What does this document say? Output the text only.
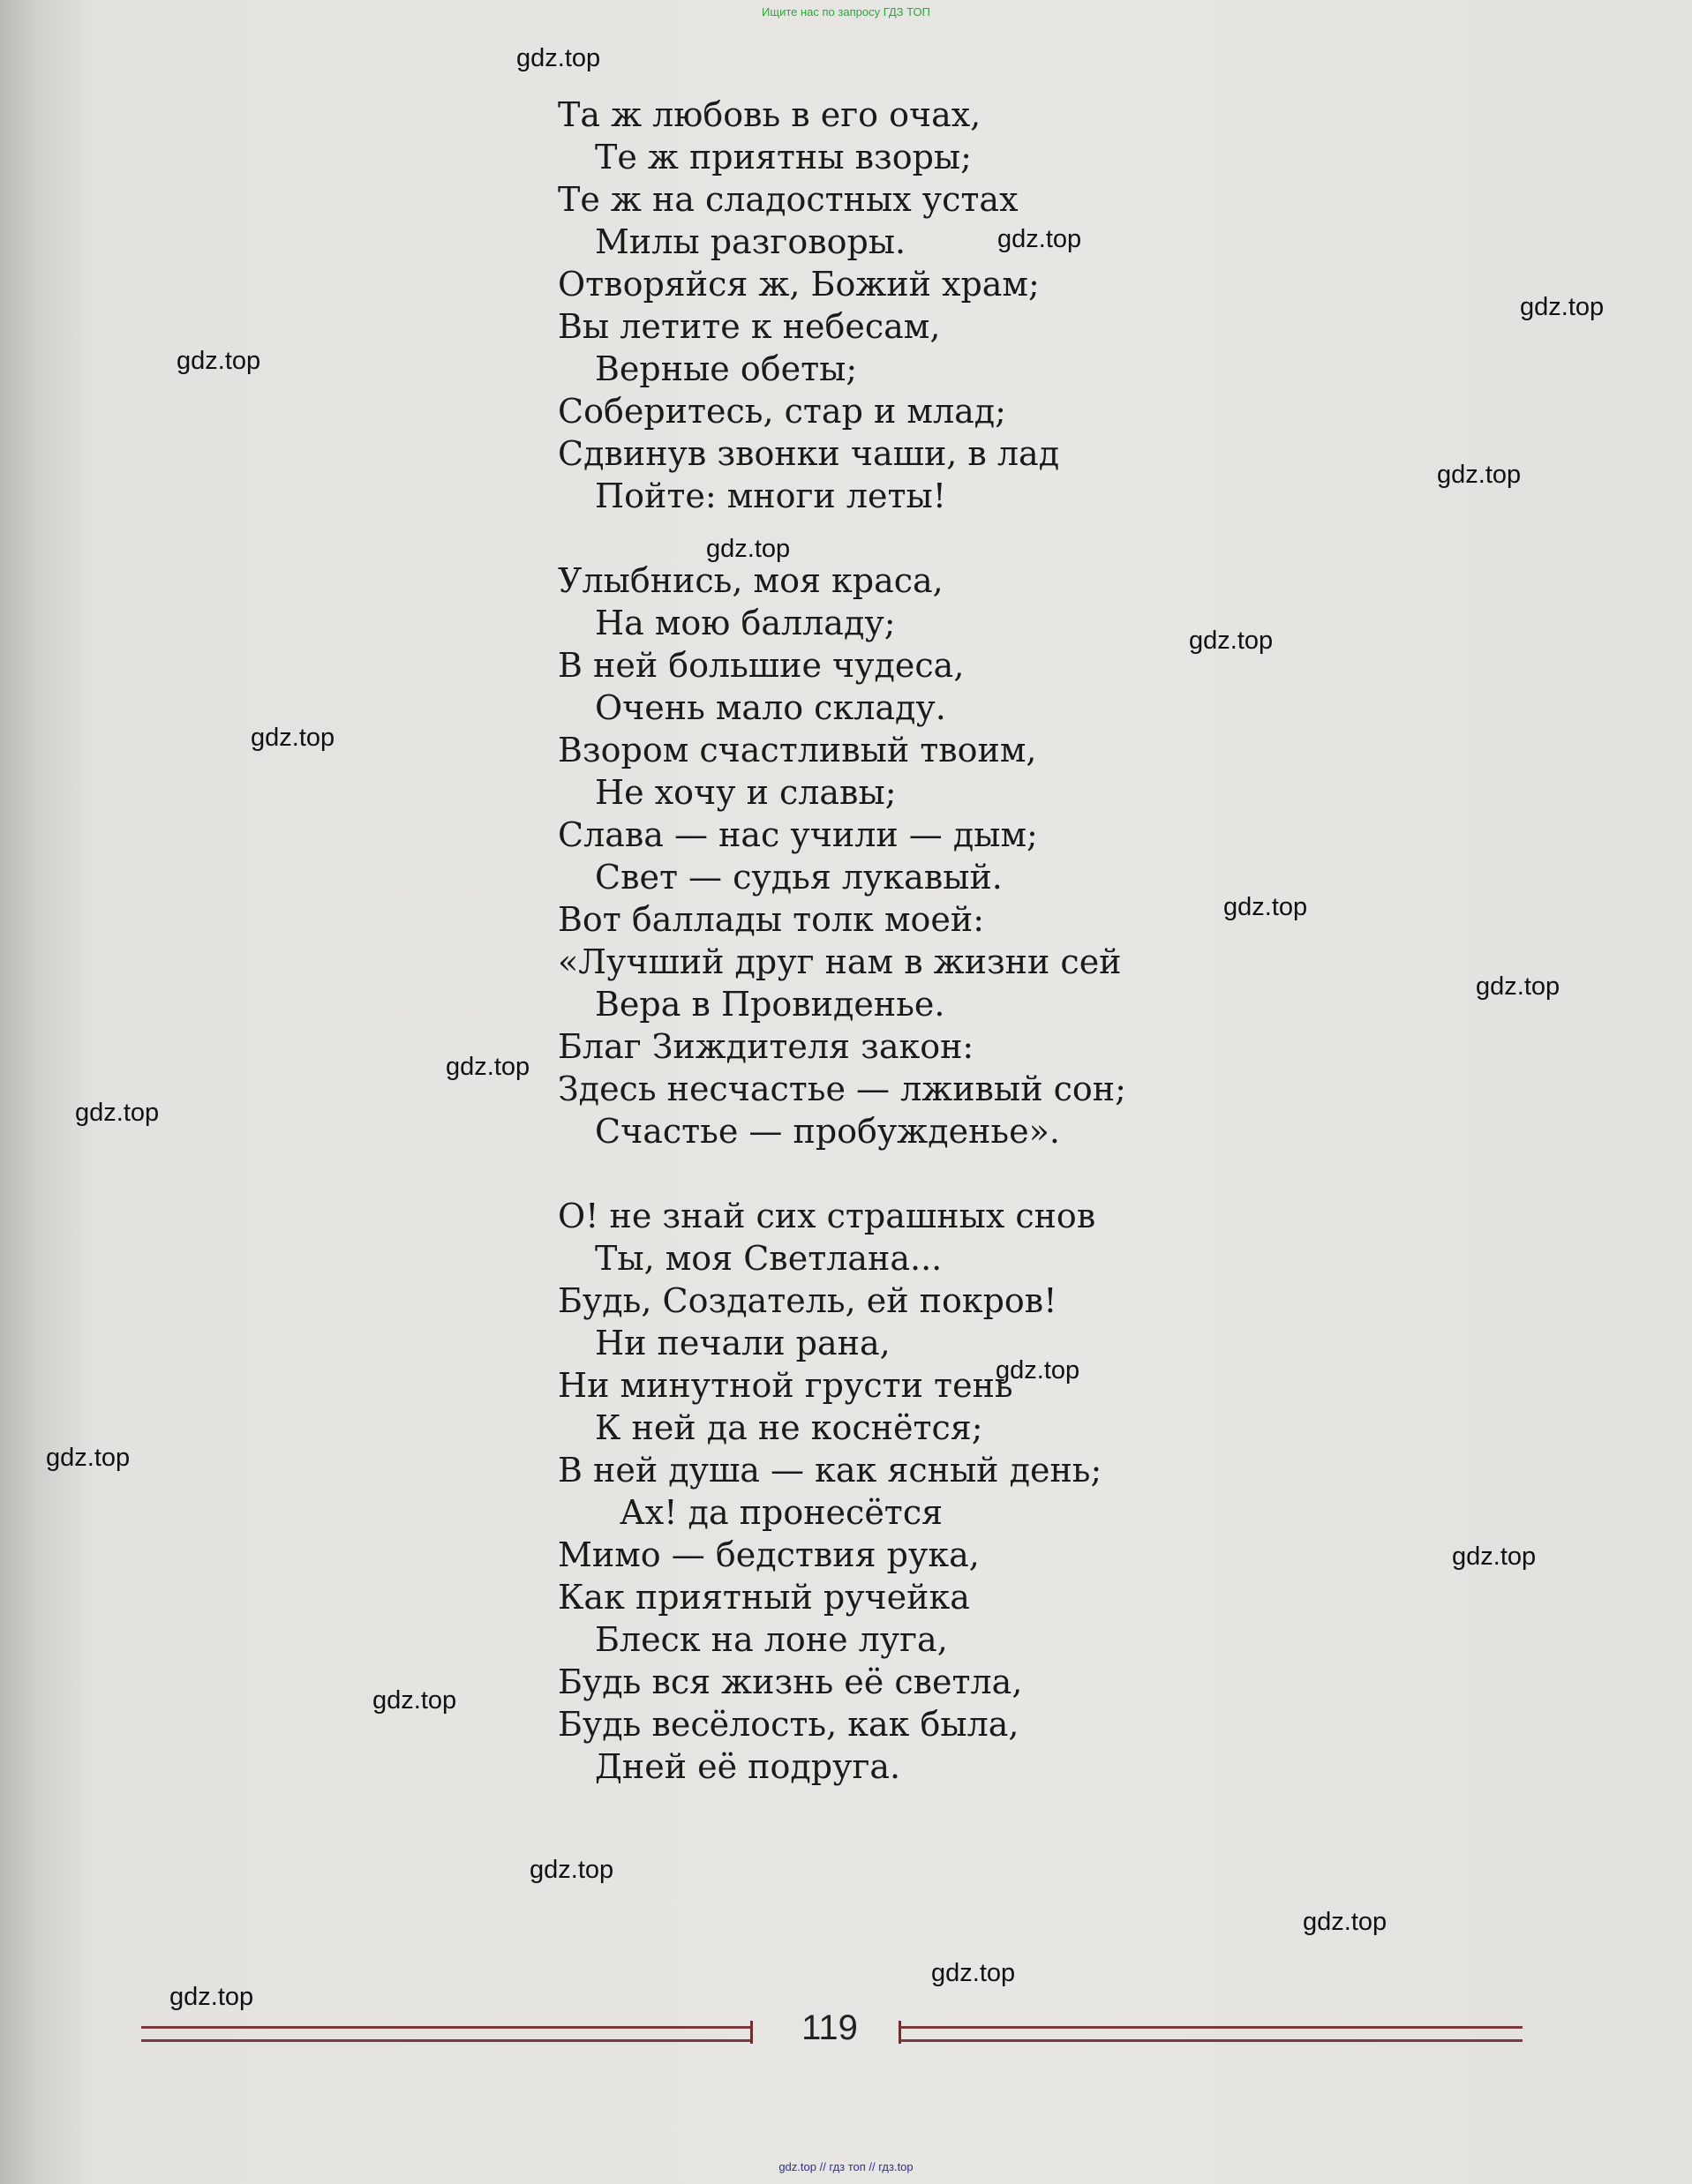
Ищите нас по запросу ГДЗ ТОП
gdz.top
gdz.top
gdz.top
gdz.top
gdz.top
gdz.top
gdz.top
gdz.top
gdz.top
gdz.top
gdz.top
gdz.top
gdz.top
gdz.top
gdz.top
gdz.top
gdz.top
gdz.top
gdz.top
gdz.top
Та ж любовь в его очах,
Те ж приятны взоры;
Те ж на сладостных устах
Милы разговоры.
Отворяйся ж, Божий храм;
Вы летите к небесам,
Верные обеты;
Соберитесь, стар и млад;
Сдвинув звонки чаши, в лад
Пойте: многи леты!
Улыбнись, моя краса,
На мою балладу;
В ней большие чудеса,
Очень мало складу.
Взором счастливый твоим,
Не хочу и славы;
Слава — нас учили — дым;
Свет — судья лукавый.
Вот баллады толк моей:
«Лучший друг нам в жизни сей
Вера в Провиденье.
Благ Зиждителя закон:
Здесь несчастье — лживый сон;
Счастье — пробужденье».
О! не знай сих страшных снов
Ты, моя Светлана...
Будь, Создатель, ей покров!
Ни печали рана,
Ни минутной грусти тень
К ней да не коснётся;
В ней душа — как ясный день;
Ах! да пронесётся
Мимо — бедствия рука,
Как приятный ручейка
Блеск на лоне луга,
Будь вся жизнь её светла,
Будь весёлость, как была,
Дней её подруга.
119
gdz.top // гдз топ // гдз.top
